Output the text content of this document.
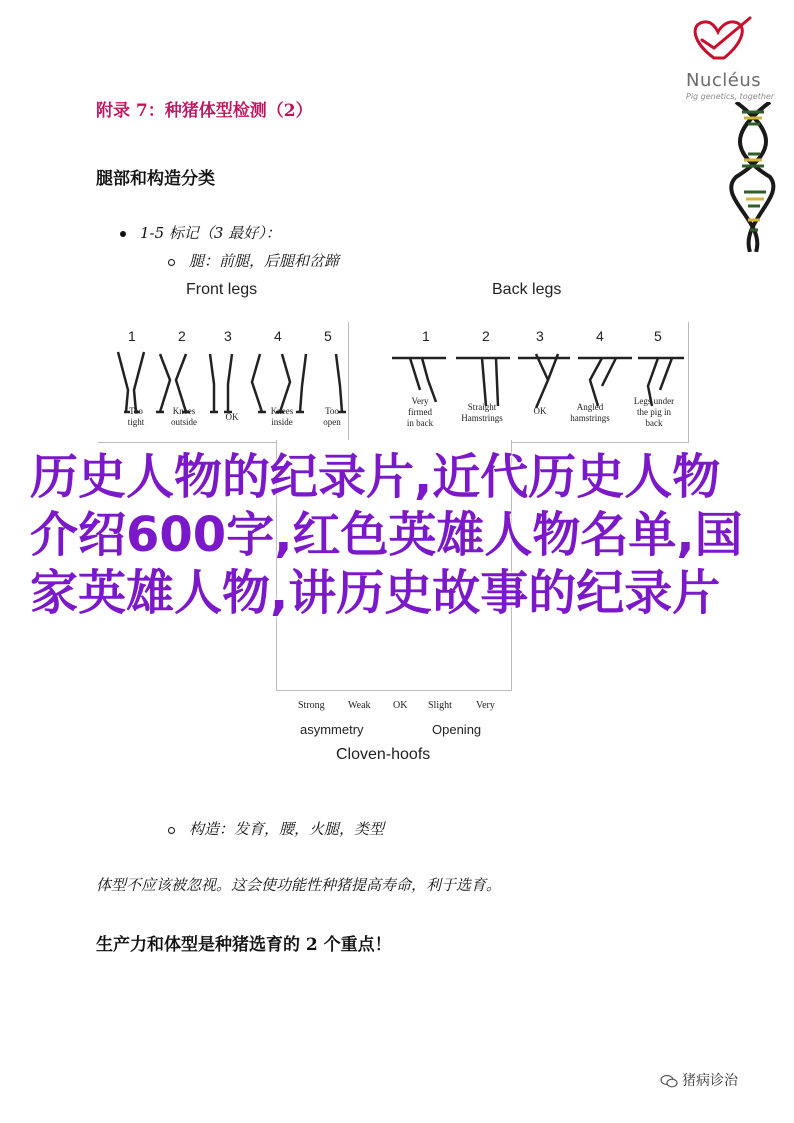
Nucléus
Pig genetics, together
附录 7：种猪体型检测（2）
腿部和构造分类
1-5 标记（3 最好）：
腿：前腿，后腿和岔蹄
Front legs	Back legs
1	2	3	4	5
Too
tight
Knees
outside	OK
Knees
inside
Too
open
1	2	3	4	5
Very
firmed
in back
Straight
Hamstrings
OK	Angled
hamstrings
Legs under
the pig in
back
Strong Weak OK Slight Very
asymmetry	Opening
Cloven-hoofs
历史人物的纪录片,近代历史人物介绍600字,红色英雄人物名单,国家英雄人物,讲历史故事的纪录片
构造：发育，腰，火腿，类型
体型不应该被忽视。这会使功能性种猪提高寿命，利于选育。
生产力和体型是种猪选育的 2 个重点！
猪病诊治
